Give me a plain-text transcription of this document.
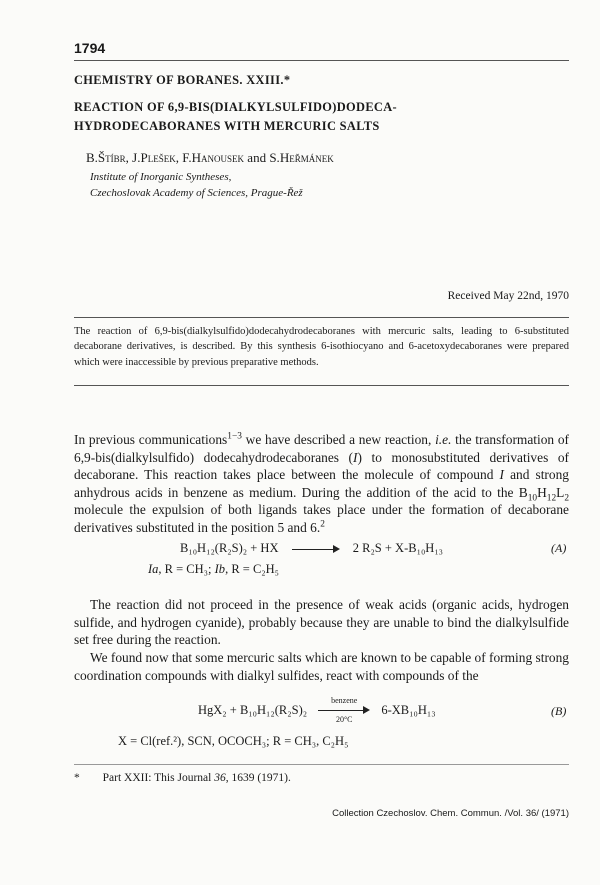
1794
CHEMISTRY OF BORANES. XXIII.*
REACTION OF 6,9-BIS(DIALKYLSULFIDO)DODECA-
HYDRODECABORANES WITH MERCURIC SALTS
B.Štíbr, J.Plešek, F.Hanousek and S.Heřmánek
Institute of Inorganic Syntheses,
Czechoslovak Academy of Sciences, Prague-Řež
Received May 22nd, 1970
The reaction of 6,9-bis(dialkylsulfido)dodecahydrodecaboranes with mercuric salts, leading to 6-substituted decaborane derivatives, is described. By this synthesis 6-isothiocyano and 6-acetoxydecaboranes were prepared which were inaccessible by previous preparative methods.
In previous communications$^{1-3}$ we have described a new reaction, i.e. the transformation of 6,9-bis(dialkylsulfido) dodecahydrodecaboranes (I) to monosubstituted derivatives of decaborane. This reaction takes place between the molecule of compound I and strong anhydrous acids in benzene as medium. During the addition of the acid to the $B_{10}H_{12}L_2$ molecule the expulsion of both ligands takes place under the formation of decaborane derivatives substituted in the position 5 and 6.$^2$
B₁₀H₁₂(R₂S)₂ + HX	2 R₂S + X-B₁₀H₁₃	(A)
Ia, R = CH₃; Ib, R = C₂H₅
The reaction did not proceed in the presence of weak acids (organic acids, hydrogen sulfide, and hydrogen cyanide), probably because they are unable to bind the dialkylsulfide set free during the reaction.
We found now that some mercuric salts which are known to be capable of forming strong coordination compounds with dialkyl sulfides, react with compounds of the
HgX₂ + B₁₀H₁₂(R₂S)₂
benzene
20°C
6-XB₁₀H₁₃	(B)
X = Cl(ref.²), SCN, OCOCH₃; R = CH₃, C₂H₅
* Part XXII: This Journal 36, 1639 (1971).
Collection Czechoslov. Chem. Commun. /Vol. 36/ (1971)
